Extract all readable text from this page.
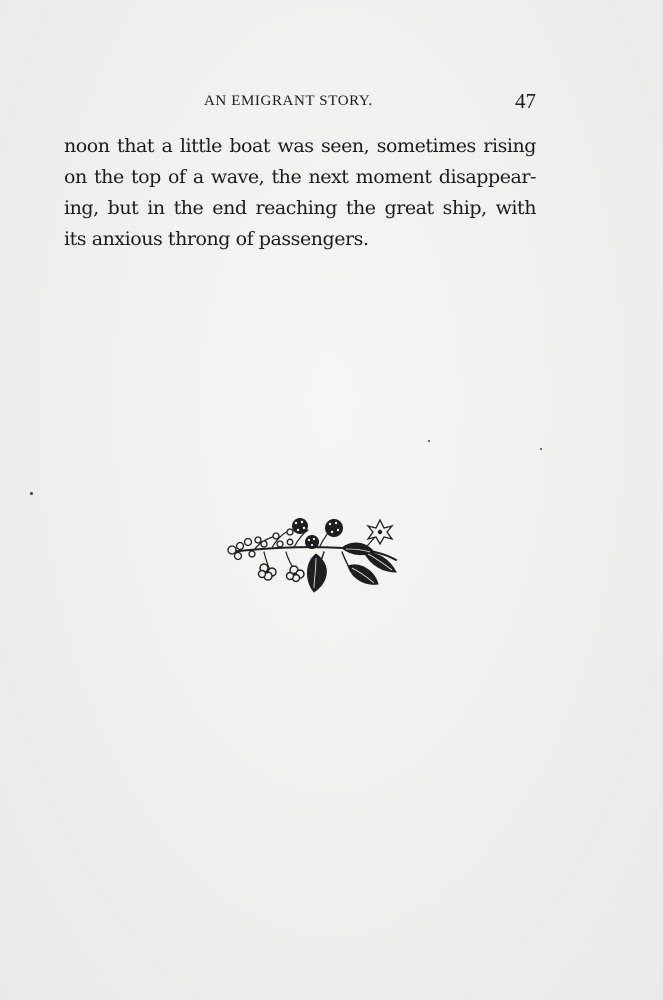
AN EMIGRANT STORY.	47
noon that a little boat was seen, sometimes rising
on the top of a wave, the next moment disappear-
ing, but in the end reaching the great ship, with
its anxious throng of passengers.
